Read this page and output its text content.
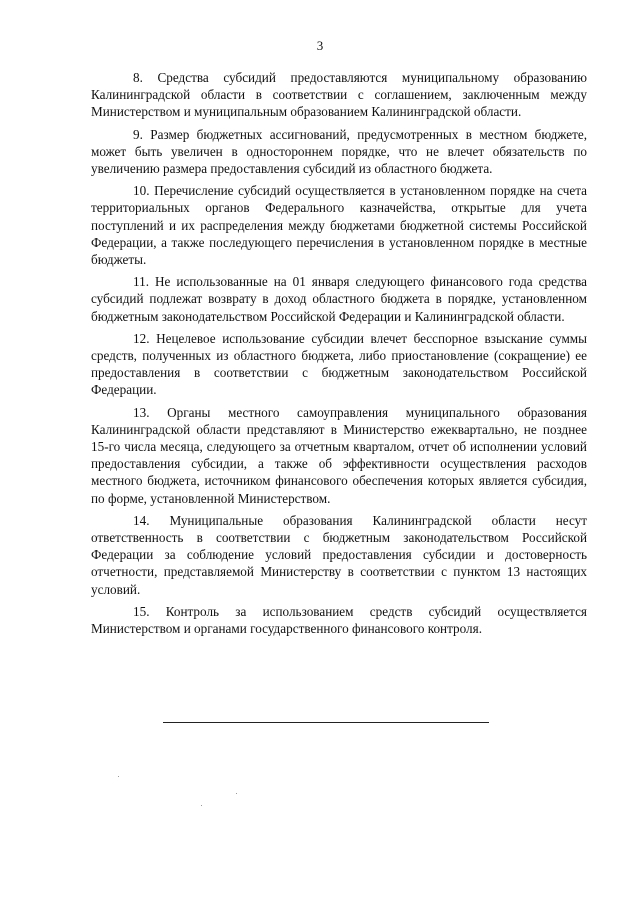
3

8. Средства субсидий предоставляются муниципальному образованию Калининградской области в соответствии с соглашением, заключенным между Министерством и муниципальным образованием Калининградской области.

9. Размер бюджетных ассигнований, предусмотренных в местном бюджете, может быть увеличен в одностороннем порядке, что не влечет обязательств по увеличению размера предоставления субсидий из областного бюджета.

10. Перечисление субсидий осуществляется в установленном порядке на счета территориальных органов Федерального казначейства, открытые для учета поступлений и их распределения между бюджетами бюджетной системы Российской Федерации, а также последующего перечисления в установленном порядке в местные бюджеты.

11. Не использованные на 01 января следующего финансового года средства субсидий подлежат возврату в доход областного бюджета в порядке, установленном бюджетным законодательством Российской Федерации и Калининградской области.

12. Нецелевое использование субсидии влечет бесспорное взыскание суммы средств, полученных из областного бюджета, либо приостановление (сокращение) ее предоставления в соответствии с бюджетным законодательством Российской Федерации.

13. Органы местного самоуправления муниципального образования Калининградской области представляют в Министерство ежеквартально, не позднее 15-го числа месяца, следующего за отчетным кварталом, отчет об исполнении условий предоставления субсидии, а также об эффективности осуществления расходов местного бюджета, источником финансового обеспечения которых является субсидия, по форме, установленной Министерством.

14. Муниципальные образования Калининградской области несут ответственность в соответствии с бюджетным законодательством Российской Федерации за соблюдение условий предоставления субсидии и достоверность отчетности, представляемой Министерству в соответствии с пунктом 13 настоящих условий.

15. Контроль за использованием средств субсидий осуществляется Министерством и органами государственного финансового контроля.
